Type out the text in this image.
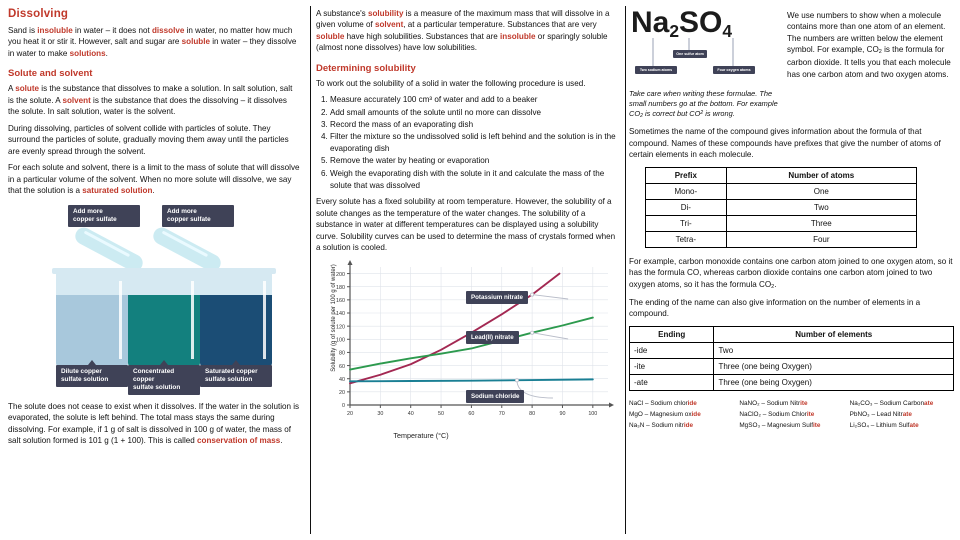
Dissolving

Sand is insoluble in water – it does not dissolve in water, no matter how much you heat it or stir it. However, salt and sugar are soluble in water – they dissolve in water to make solutions.

Solute and solvent

A solute is the substance that dissolves to make a solution. In salt solution, salt is the solute. A solvent is the substance that does the dissolving – it dissolves the solute. In salt solution, water is the solvent.

During dissolving, particles of solvent collide with particles of solute. They surround the particles of solute, gradually moving them away until the particles are evenly spread through the solvent.

For each solute and solvent, there is a limit to the mass of solute that will dissolve in a particular volume of the solvent. When no more solute will dissolve, we say that the solution is a saturated solution.

Add more
copper sulfate
Add more
copper sulfate
Dilute copper
sulfate solution
Concentrated copper
sulfate solution
Saturated copper
sulfate solution

The solute does not cease to exist when it dissolves. If the water in the solution is evaporated, the solute is left behind. The total mass stays the same during dissolving. For example, if 1 g of salt is dissolved in 100 g of water, the mass of salt solution formed is 101 g (1 + 100). This is called conservation of mass.

A substance's solubility is a measure of the maximum mass that will dissolve in a given volume of solvent, at a particular temperature. Substances that are very soluble have high solubilities. Substances that are insoluble or sparingly soluble (almost none dissolves) have low solubilities.

Determining solubility

To work out the solubility of a solid in water the following procedure is used.

1. Measure accurately 100 cm³ of water and add to a beaker
2. Add small amounts of the solute until no more can dissolve
3. Record the mass of an evaporating dish
4. Filter the mixture so the undissolved solid is left behind and the solution is in the evaporating dish
5. Remove the water by heating or evaporation
6. Weigh the evaporating dish with the solute in it and calculate the mass of the solute that was dissolved

Every solute has a fixed solubility at room temperature. However, the solubility of a solute changes as the temperature of the water changes. The solubility of a substance in water at different temperatures can be displayed using a solubility curve. Solubility curves can be used to determine the mass of crystals formed when a solution is cooled.

Solubility (g of solute per 100 g of water)
Temperature (°C)
0
20
40
60
80
100
120
140
160
180
200
20	30	40	50	60	70	80	90	100
Potassium nitrate
Lead(II) nitrate
Sodium chloride
$Na_2SO_4$
One sulfur atom
Two sodium atoms	Four oxygen atoms

Take care when writing these formulae. The small numbers go at the bottom. For example $CO_2$ is correct but $CO^2$ is wrong.

We use numbers to show when a molecule contains more than one atom of an element. The numbers are written below the element symbol. For example, $CO_2$ is the formula for carbon dioxide. It tells you that each molecule has one carbon atom and two oxygen atoms.

Sometimes the name of the compound gives information about the formula of that compound. Names of these compounds have prefixes that give the number of atoms of certain elements in each molecule.

Prefix	Number of atoms
Mono-	One
Di-	Two
Tri-	Three
Tetra-	Four

For example, carbon monoxide contains one carbon atom joined to one oxygen atom, so it has the formula CO, whereas carbon dioxide contains one carbon atom joined to two oxygen atoms, so it has the formula $CO_2$.

The ending of the name can also give information on the number of elements in a compound.

Ending	Number of elements
-ide	Two
-ite	Three (one being Oxygen)
-ate	Three (one being Oxygen)
NaCl – Sodium chloride
MgO – Magnesium oxide
Na₃N – Sodium nitride
NaNO₂ – Sodium Nitrite
NaClO₂ – Sodium Chlorite
MgSO₃ – Magnesium Sulfite
Na₂CO₃ – Sodium Carbonate
PbNO₃ – Lead Nitrate
Li₂SO₄ – Lithium Sulfate
